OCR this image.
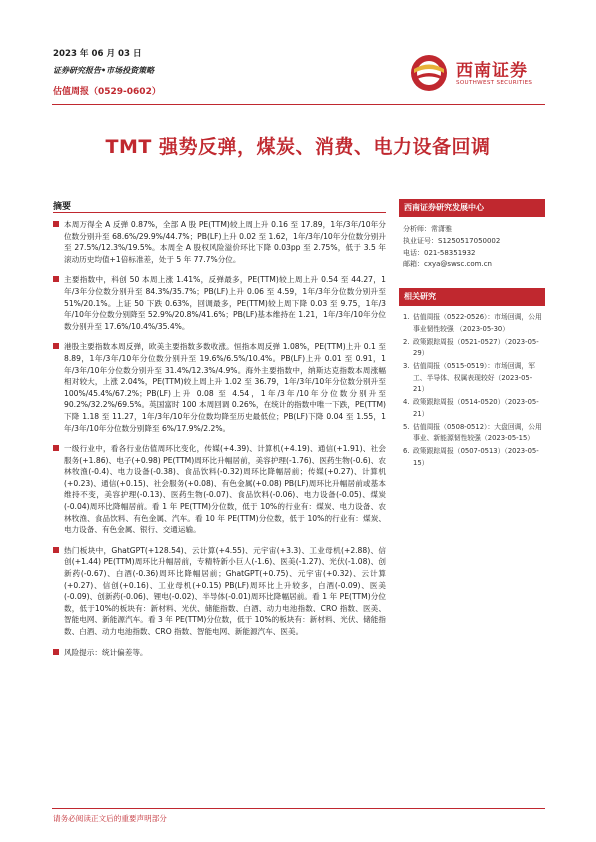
2023 年 06 月 03 日
证券研究报告•市场投资策略
估值周报（0529-0602）
西南证券
SOUTHWEST SECURITIES
TMT 强势反弹，煤炭、消费、电力设备回调
摘要
本周万得全 A 反弹 0.87%，全部 A 股 PE(TTM)较上周上升 0.16 至 17.89，1年/3年/10年分位数分别升至 68.6%/29.9%/44.7%；PB(LF)上升 0.02 至 1.62，1年/3年/10年分位数分别升至 27.5%/12.3%/19.5%。本周全 A 股权风险溢价环比下降 0.03pp 至 2.75%，低于 3.5 年滚动历史均值+1倍标准差，处于 5 年 77.7%分位。
主要指数中，科创 50 本周上涨 1.41%，反弹最多，PE(TTM)较上周上升 0.54 至 44.27，1年/3年分位数分别升至 84.3%/35.7%；PB(LF)上升 0.06 至 4.59，1年/3年分位数分别升至 51%/20.1%。上证 50 下跌 0.63%，回调最多，PE(TTM)较上周下降 0.03 至 9.75，1年/3年/10年分位数分别降至 52.9%/20.8%/41.6%；PB(LF)基本维持在 1.21，1年/3年/10年分位数分别升至 17.6%/10.4%/35.4%。
港股主要指数本周反弹，欧美主要指数多数收涨。恒指本周反弹 1.08%，PE(TTM)上升 0.1 至 8.89，1年/3年/10年分位数分别升至 19.6%/6.5%/10.4%。PB(LF)上升 0.01 至 0.91，1年/3年/10年分位数分别升至 31.4%/12.3%/4.9%。海外主要指数中，纳斯达克指数本周涨幅相对较大，上涨 2.04%，PE(TTM)较上周上升 1.02 至 36.79，1年/3年/10年分位数分别升至 100%/45.4%/67.2%；PB(LF)上升 0.08 至 4.54，1年/3年/10年分位数分别升至 90.2%/32.2%/69.5%。英国富时 100 本周回调 0.26%，在统计的指数中唯一下跌，PE(TTM)下降 1.18 至 11.27，1年/3年/10年分位数均降至历史最低位；PB(LF)下降 0.04 至 1.55，1年/3年/10年分位数分别降至 6%/17.9%/2.2%。
一级行业中，看各行业估值周环比变化，传媒(+4.39)、计算机(+4.19)、通信(+1.91)、社会服务(+1.86)、电子(+0.98) PE(TTM)周环比升幅居前，美容护理(-1.76)、医药生物(-0.6)、农林牧渔(-0.4)、电力设备(-0.38)、食品饮料(-0.32)周环比降幅居前；传媒(+0.27)、计算机(+0.23)、通信(+0.15)、社会服务(+0.08)、有色金属(+0.08) PB(LF)周环比升幅居前或基本维持不变，美容护理(-0.13)、医药生物(-0.07)、食品饮料(-0.06)、电力设备(-0.05)、煤炭(-0.04)周环比降幅居前。看 1 年 PE(TTM)分位数，低于 10%的行业有：煤炭、电力设备、农林牧渔、食品饮料、有色金属、汽车。看 10 年 PE(TTM)分位数，低于 10%的行业有：煤炭、电力设备、有色金属、银行、交通运输。
热门板块中，GhatGPT(+128.54)、云计算(+4.55)、元宇宙(+3.3)、工业母机(+2.88)、信创(+1.44) PE(TTM)周环比升幅居前，专精特新小巨人(-1.6)、医美(-1.27)、光伏(-1.08)、创新药(-0.67)、白酒(-0.36)周环比降幅居前；GhatGPT(+0.75)、元宇宙(+0.32)、云计算(+0.27)、信创(+0.16)、工业母机(+0.15) PB(LF)周环比上升较多，白酒(-0.09)、医美(-0.09)、创新药(-0.06)、锂电(-0.02)、半导体(-0.01)周环比降幅居前。看 1 年 PE(TTM)分位数，低于10%的板块有：新材料、光伏、储能指数、白酒、动力电池指数、CRO 指数、医美、智能电网、新能源汽车。看 3 年 PE(TTM)分位数，低于 10%的板块有：新材料、光伏、储能指数、白酒、动力电池指数、CRO 指数、智能电网、新能源汽车、医美。
风险提示：统计偏差等。
西南证券研究发展中心
分析师：常潇雅
执业证号：S1250517050002
电话：021-58351932
邮箱：cxya@swsc.com.cn
相关研究
1. 估值周报（0522-0526）：市场回调，公用事业韧性较强 （2023-05-30）
2. 政策跟踪周报（0521-0527）（2023-05-29）
3. 估值周报（0515-0519）：市场回调，军工、半导体、权属表现较好（2023-05-21）
4. 政策跟踪周报（0514-0520）（2023-05-21）
5. 估值周报（0508-0512）：大盘回调，公用事业、新能源韧性较强（2023-05-15）
6. 政策跟踪周报（0507-0513）（2023-05-15）
请务必阅读正文后的重要声明部分
